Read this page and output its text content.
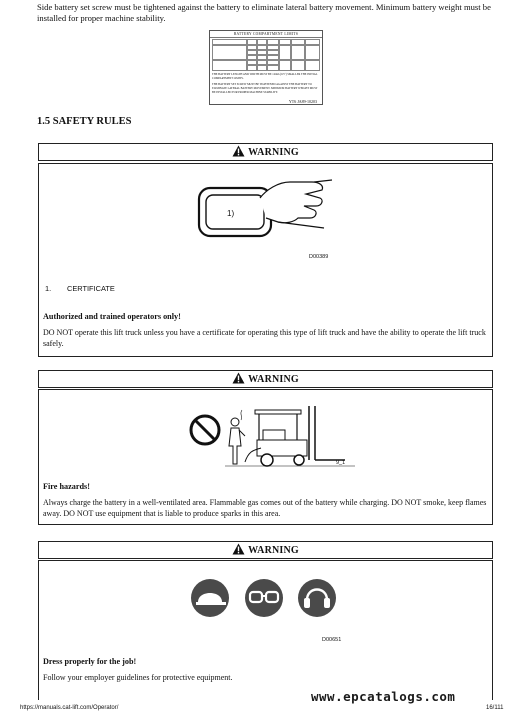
Side battery set screw must be tightened against the battery to eliminate lateral battery movement. Minimum battery weight must be installed for proper machine stability.
BATTERY COMPARTMENT LIMITS
THE BATTERY LENGTH AND WIDTH MUST BE 12mm (0.5") SMALLER THE INITIAL COMPARTMENT LIMITS.
THE BATTERY SET SCREW MUST BE TIGHTENED AGAINST THE BATTERY TO ELIMINATE LATERAL BATTERY MOVEMENT. MINIMUM BATTERY WEIGHT MUST BE INSTALLED FOR PROPER MACHINE STABILITY.
YT6 JA89-10203
1.5 SAFETY RULES
WARNING
1)
D00389
1. CERTIFICATE
Authorized and trained operators only!
DO NOT operate this lift truck unless you have a certificate for operating this type of lift truck and have the ability to operate the lift truck safely.
WARNING
9_1
Fire hazards!
Always charge the battery in a well-ventilated area. Flammable gas comes out of the battery while charging. DO NOT smoke, keep flames away. DO NOT use equipment that is liable to produce sparks in this area.
WARNING
D00651
Dress properly for the job!
Follow your employer guidelines for protective equipment.
www.epcatalogs.com
https://manuals.cat-lift.com/Operator/	16/111
